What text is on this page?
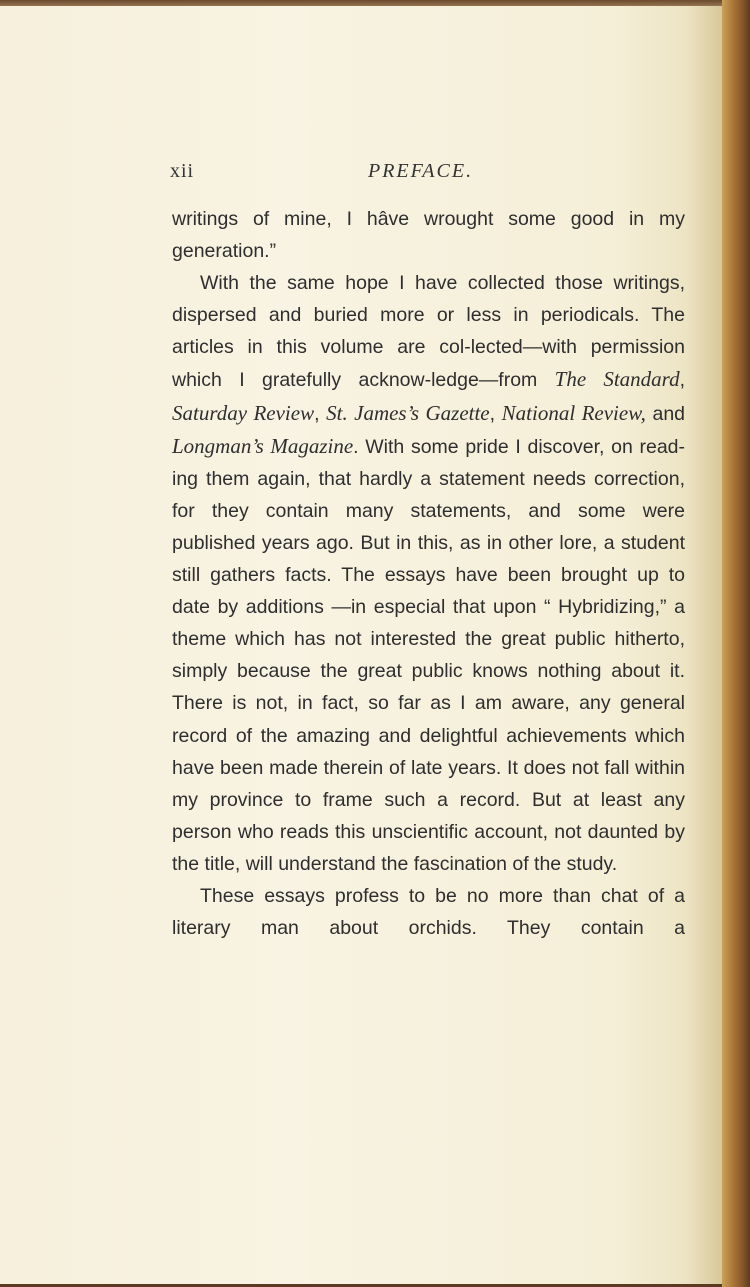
xii	PREFACE.

writings of mine, I hâve wrought some good in my generation.”

With the same hope I have collected those writings, dispersed and buried more or less in periodicals. The articles in this volume are col-lected—with permission which I gratefully acknow-ledge—from The Standard, Saturday Review, St. James’s Gazette, National Review, and Longman’s Magazine. With some pride I discover, on read-ing them again, that hardly a statement needs correction, for they contain many statements, and some were published years ago. But in this, as in other lore, a student still gathers facts. The essays have been brought up to date by additions —in especial that upon “ Hybridizing,” a theme which has not interested the great public hitherto, simply because the great public knows nothing about it. There is not, in fact, so far as I am aware, any general record of the amazing and delightful achievements which have been made therein of late years. It does not fall within my province to frame such a record. But at least any person who reads this unscientific account, not daunted by the title, will understand the fascination of the study.

These essays profess to be no more than chat of a literary man about orchids. They contain a
